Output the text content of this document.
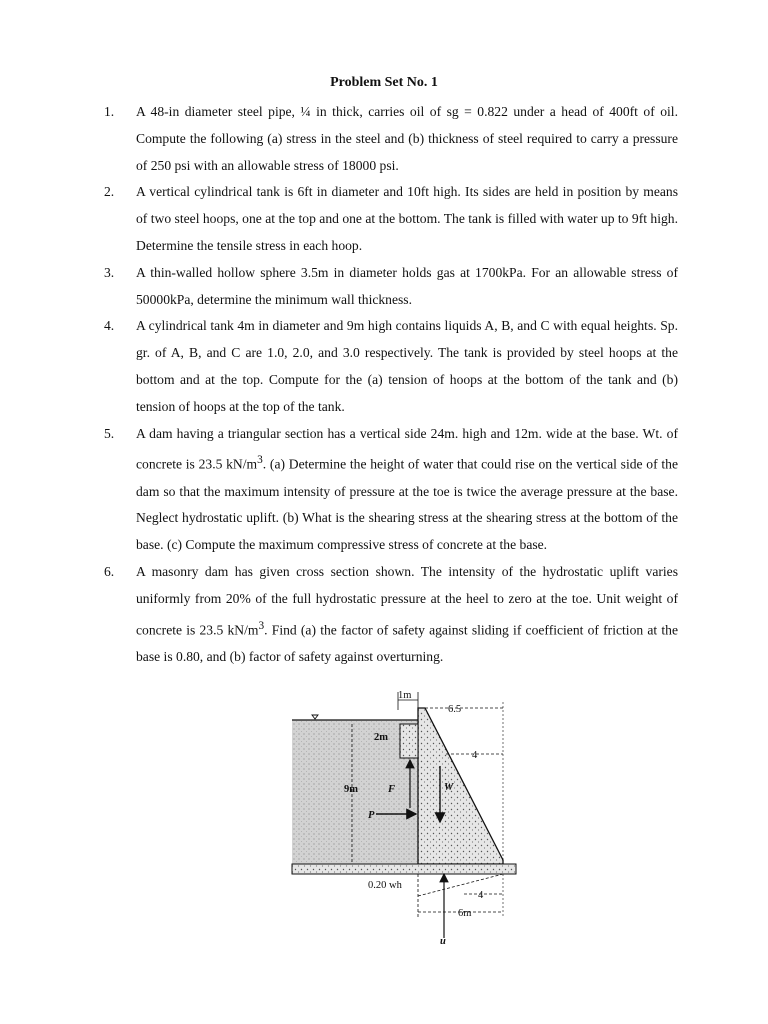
Problem Set No. 1
1. A 48-in diameter steel pipe, ¼ in thick, carries oil of sg = 0.822 under a head of 400ft of oil. Compute the following (a) stress in the steel and (b) thickness of steel required to carry a pressure of 250 psi with an allowable stress of 18000 psi.
2. A vertical cylindrical tank is 6ft in diameter and 10ft high. Its sides are held in position by means of two steel hoops, one at the top and one at the bottom. The tank is filled with water up to 9ft high. Determine the tensile stress in each hoop.
3. A thin-walled hollow sphere 3.5m in diameter holds gas at 1700kPa. For an allowable stress of 50000kPa, determine the minimum wall thickness.
4. A cylindrical tank 4m in diameter and 9m high contains liquids A, B, and C with equal heights. Sp. gr. of A, B, and C are 1.0, 2.0, and 3.0 respectively. The tank is provided by steel hoops at the bottom and at the top. Compute for the (a) tension of hoops at the bottom of the tank and (b) tension of hoops at the top of the tank.
5. A dam having a triangular section has a vertical side 24m. high and 12m. wide at the base. Wt. of concrete is 23.5 $kN/m^3$. (a) Determine the height of water that could rise on the vertical side of the dam so that the maximum intensity of pressure at the toe is twice the average pressure at the base. Neglect hydrostatic uplift. (b) What is the shearing stress at the shearing stress at the bottom of the base. (c) Compute the maximum compressive stress of concrete at the base.
6. A masonry dam has given cross section shown. The intensity of the hydrostatic uplift varies uniformly from 20% of the full hydrostatic pressure at the heel to zero at the toe. Unit weight of concrete is 23.5 $kN/m^3$. Find (a) the factor of safety against sliding if coefficient of friction at the base is 0.80, and (b) factor of safety against overturning.
1m
6.5
2m
4
9m	F	W
P
0.20 wh
u
4
6m
